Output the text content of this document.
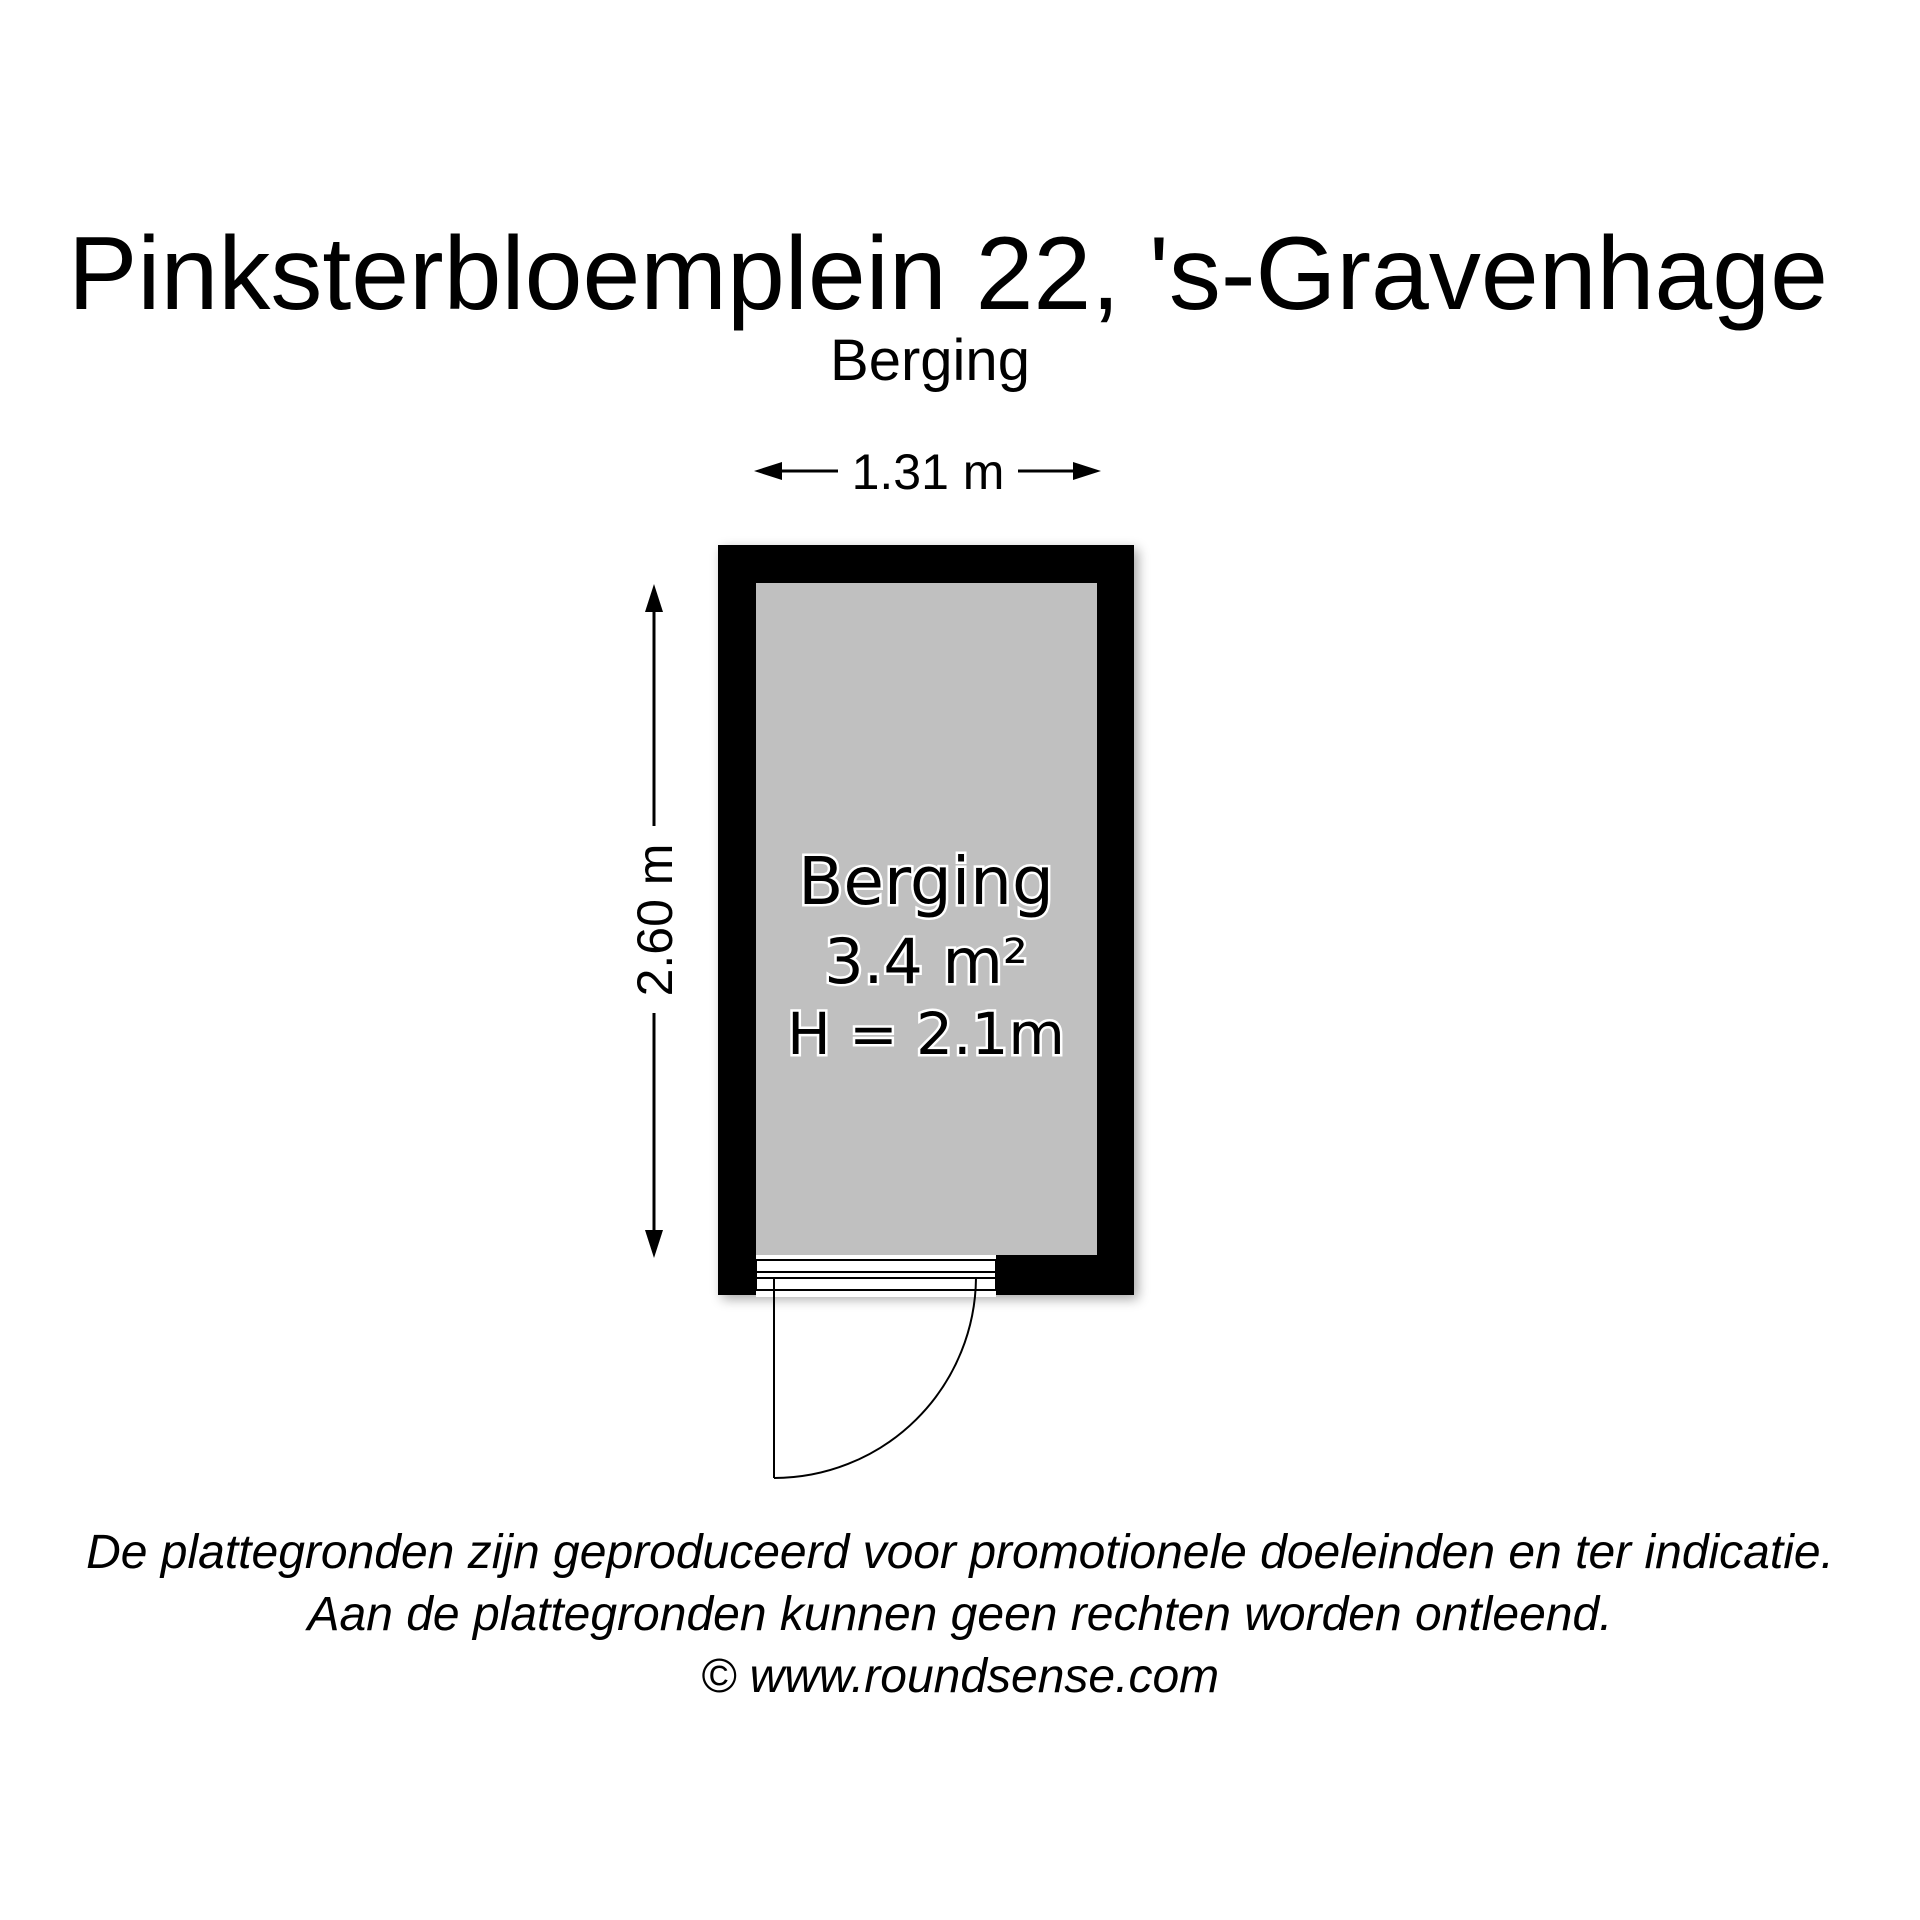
Pinksterbloemplein 22, 's-Gravenhage
Berging
1.31 m
2.60 m Berging
3.4 m²
H = 2.1m
De plattegronden zijn geproduceerd voor promotionele doeleinden en ter indicatie.
Aan de plattegronden kunnen geen rechten worden ontleend.
© www.roundsense.com
